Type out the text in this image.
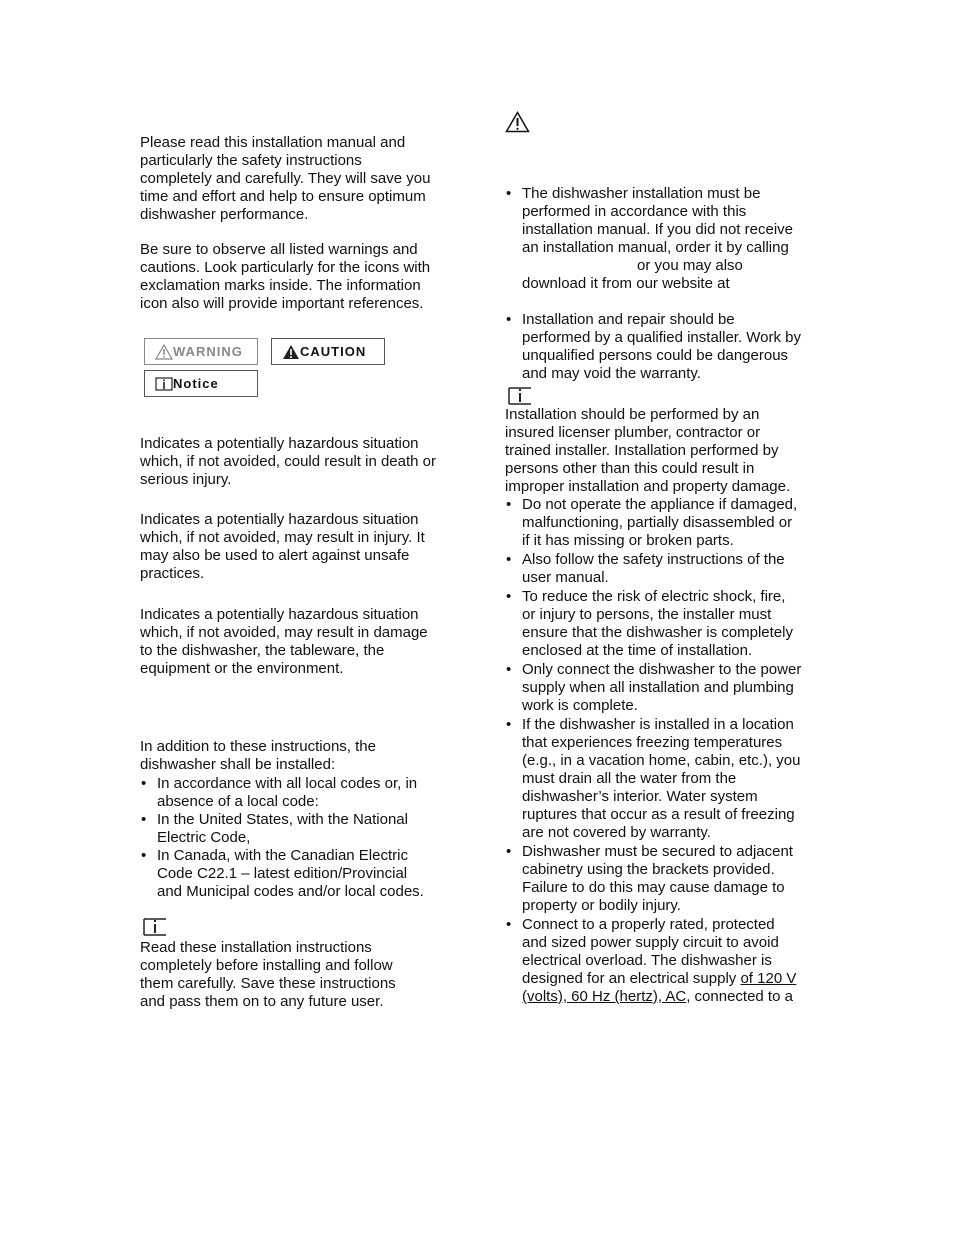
Please read this installation manual and
particularly the safety instructions
completely and carefully. They will save you
time and effort and help to ensure optimum
dishwasher performance.
Be sure to observe all listed warnings and
cautions. Look particularly for the icons with
exclamation marks inside. The information
icon also will provide important references.
WARNING	CAUTION
Notice
Indicates a potentially hazardous situation
which, if not avoided, could result in death or
serious injury.
Indicates a potentially hazardous situation
which, if not avoided, may result in injury. It
may also be used to alert against unsafe
practices.
Indicates a potentially hazardous situation
which, if not avoided, may result in damage
to the dishwasher, the tableware, the
equipment or the environment.
In addition to these instructions, the
dishwasher shall be installed:
• In accordance with all local codes or, in
absence of a local code:
• In the United States, with the National
Electric Code,
• In Canada, with the Canadian Electric
Code C22.1 – latest edition/Provincial
and Municipal codes and/or local codes.
Read these installation instructions
completely before installing and follow
them carefully. Save these instructions
and pass them on to any future user.
• The dishwasher installation must be
performed in accordance with this
installation manual. If you did not receive
an installation manual, order it by calling
or you may also
download it from our website at
• Installation and repair should be
performed by a qualified installer. Work by
unqualified persons could be dangerous
and may void the warranty.
Installation should be performed by an
insured licenser plumber, contractor or
trained installer. Installation performed by
persons other than this could result in
improper installation and property damage.
• Do not operate the appliance if damaged,
malfunctioning, partially disassembled or
if it has missing or broken parts.
• Also follow the safety instructions of the
user manual.
• To reduce the risk of electric shock, fire,
or injury to persons, the installer must
ensure that the dishwasher is completely
enclosed at the time of installation.
• Only connect the dishwasher to the power
supply when all installation and plumbing
work is complete.
• If the dishwasher is installed in a location
that experiences freezing temperatures
(e.g., in a vacation home, cabin, etc.), you
must drain all the water from the
dishwasher’s interior. Water system
ruptures that occur as a result of freezing
are not covered by warranty.
• Dishwasher must be secured to adjacent
cabinetry using the brackets provided.
Failure to do this may cause damage to
property or bodily injury.
• Connect to a properly rated, protected
and sized power supply circuit to avoid
electrical overload. The dishwasher is
designed for an electrical supply of 120 V
(volts), 60 Hz (hertz), AC, connected to a
